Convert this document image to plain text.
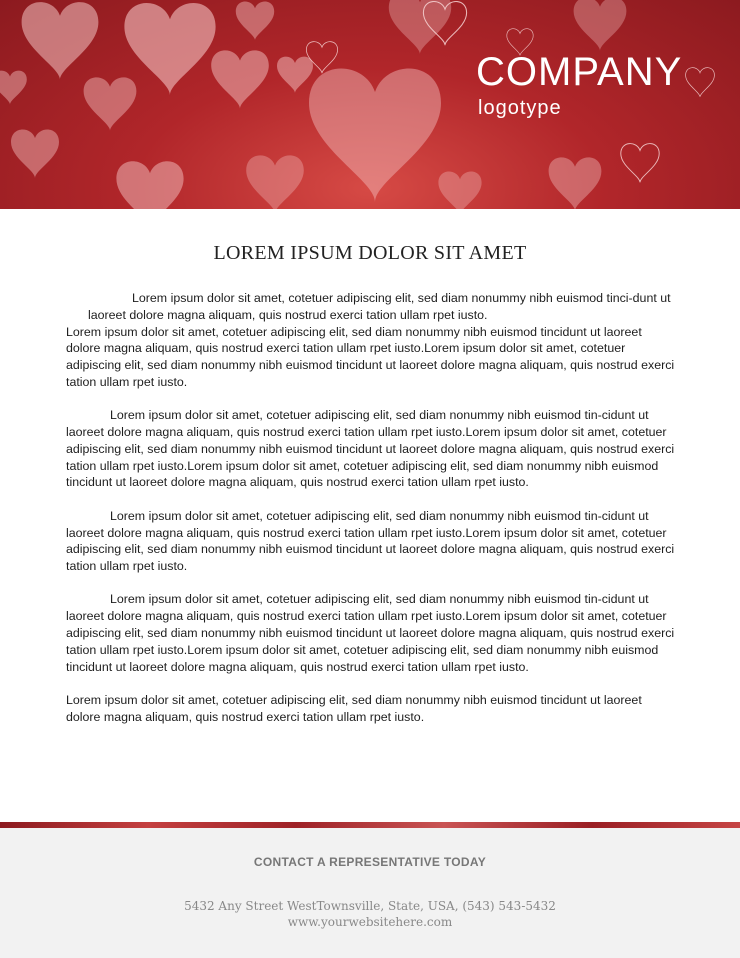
COMPANY
logotype
LOREM IPSUM DOLOR SIT AMET
Lorem ipsum dolor sit amet, cotetuer adipiscing elit, sed diam nonummy nibh euismod tinci-dunt ut laoreet dolore magna aliquam, quis nostrud exerci tation ullam rpet iusto.
Lorem ipsum dolor sit amet, cotetuer adipiscing elit, sed diam nonummy nibh euismod tincidunt ut laoreet dolore magna aliquam, quis nostrud exerci tation ullam rpet iusto.Lorem ipsum dolor sit amet, cotetuer adipiscing elit, sed diam nonummy nibh euismod tincidunt ut laoreet dolore magna aliquam, quis nostrud exerci tation ullam rpet iusto.
Lorem ipsum dolor sit amet, cotetuer adipiscing elit, sed diam nonummy nibh euismod tin-cidunt ut laoreet dolore magna aliquam, quis nostrud exerci tation ullam rpet iusto.Lorem ipsum dolor sit amet, cotetuer adipiscing elit, sed diam nonummy nibh euismod tincidunt ut laoreet dolore magna aliquam, quis nostrud exerci tation ullam rpet iusto.Lorem ipsum dolor sit amet, cotetuer adipiscing elit, sed diam nonummy nibh euismod tincidunt ut laoreet dolore magna aliquam, quis nostrud exerci tation ullam rpet iusto.
Lorem ipsum dolor sit amet, cotetuer adipiscing elit, sed diam nonummy nibh euismod tin-cidunt ut laoreet dolore magna aliquam, quis nostrud exerci tation ullam rpet iusto.Lorem ipsum dolor sit amet, cotetuer adipiscing elit, sed diam nonummy nibh euismod tincidunt ut laoreet dolore magna aliquam, quis nostrud exerci tation ullam rpet iusto.
Lorem ipsum dolor sit amet, cotetuer adipiscing elit, sed diam nonummy nibh euismod tin-cidunt ut laoreet dolore magna aliquam, quis nostrud exerci tation ullam rpet iusto.Lorem ipsum dolor sit amet, cotetuer adipiscing elit, sed diam nonummy nibh euismod tincidunt ut laoreet dolore magna aliquam, quis nostrud exerci tation ullam rpet iusto.Lorem ipsum dolor sit amet, cotetuer adipiscing elit, sed diam nonummy nibh euismod tincidunt ut laoreet dolore magna aliquam, quis nostrud exerci tation ullam rpet iusto.
Lorem ipsum dolor sit amet, cotetuer adipiscing elit, sed diam nonummy nibh euismod tincidunt ut laoreet dolore magna aliquam, quis nostrud exerci tation ullam rpet iusto.
CONTACT A REPRESENTATIVE TODAY
5432 Any Street WestTownsville, State, USA, (543) 543-5432
www.yourwebsitehere.com
